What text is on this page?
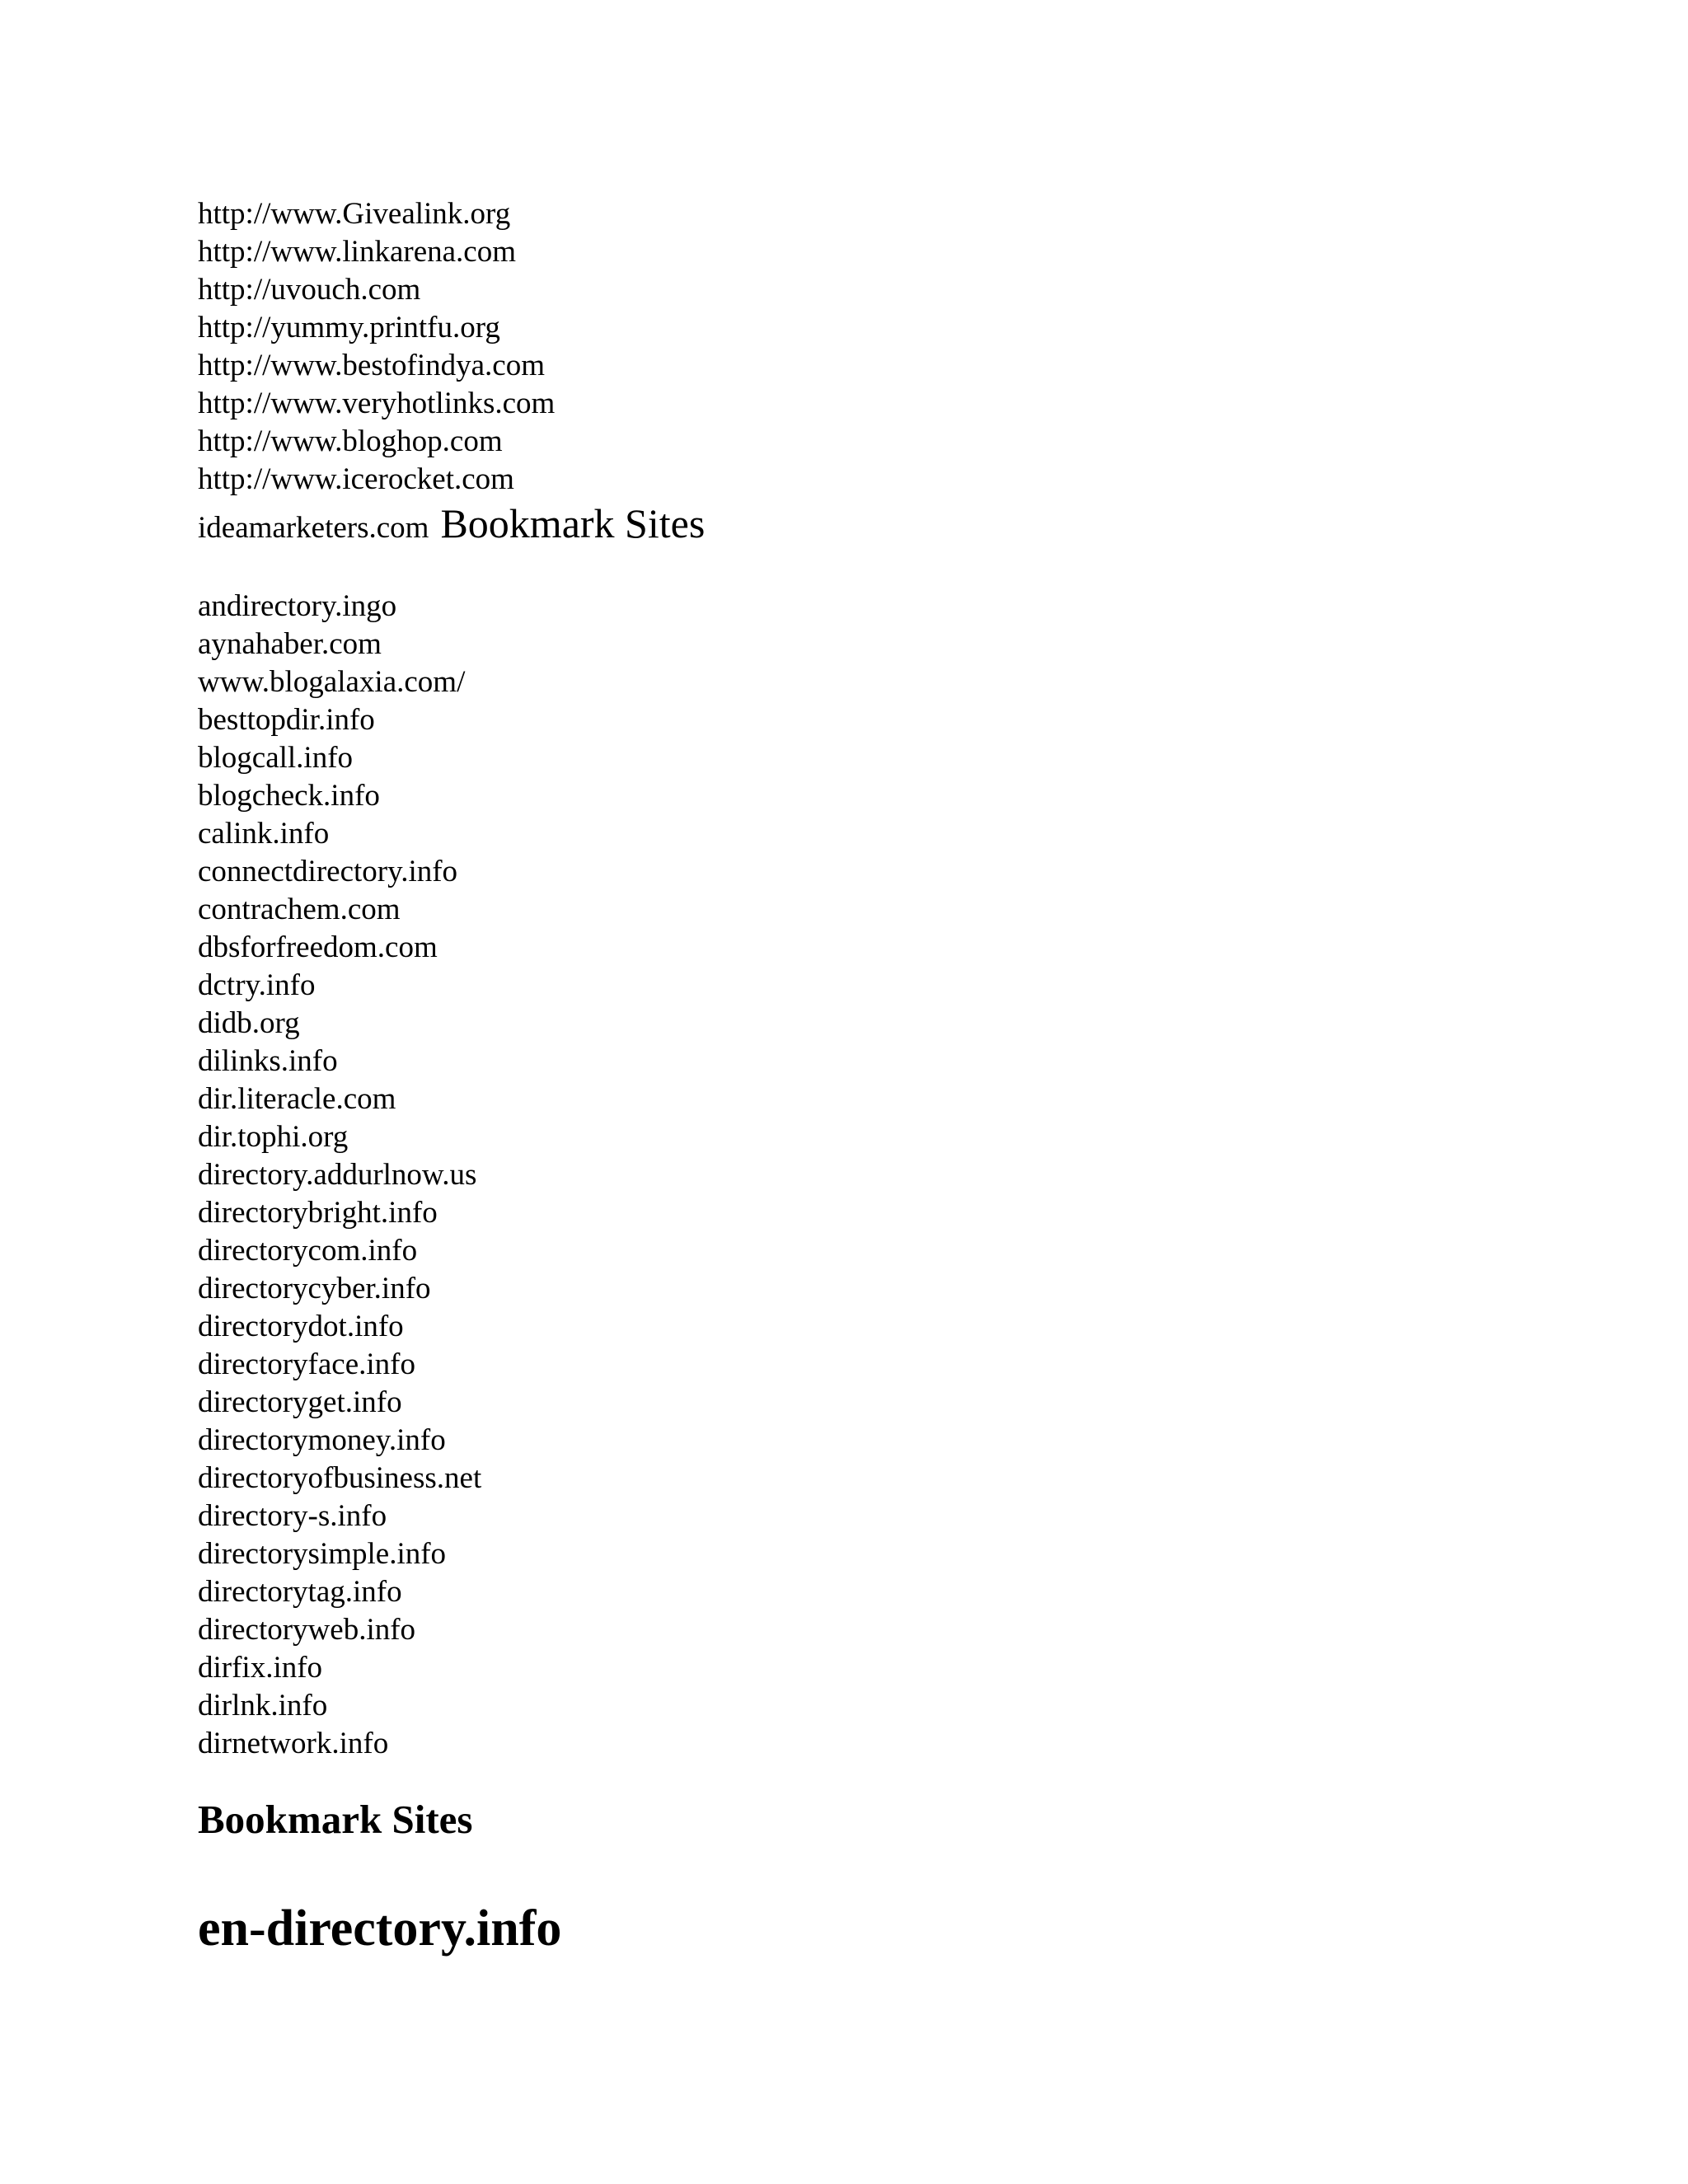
http://www.Givealink.org
http://www.linkarena.com
http://uvouch.com
http://yummy.printfu.org
http://www.bestofindya.com
http://www.veryhotlinks.com
http://www.bloghop.com
http://www.icerocket.com
ideamarketers.com Bookmark Sites
andirectory.ingo
aynahaber.com
www.blogalaxia.com/
besttopdir.info
blogcall.info
blogcheck.info
calink.info
connectdirectory.info
contrachem.com
dbsforfreedom.com
dctry.info
didb.org
dilinks.info
dir.literacle.com
dir.tophi.org
directory.addurlnow.us
directorybright.info
directorycom.info
directorycyber.info
directorydot.info
directoryface.info
directoryget.info
directorymoney.info
directoryofbusiness.net
directory-s.info
directorysimple.info
directorytag.info
directoryweb.info
dirfix.info
dirlnk.info
dirnetwork.info
Bookmark Sites
en-directory.info
